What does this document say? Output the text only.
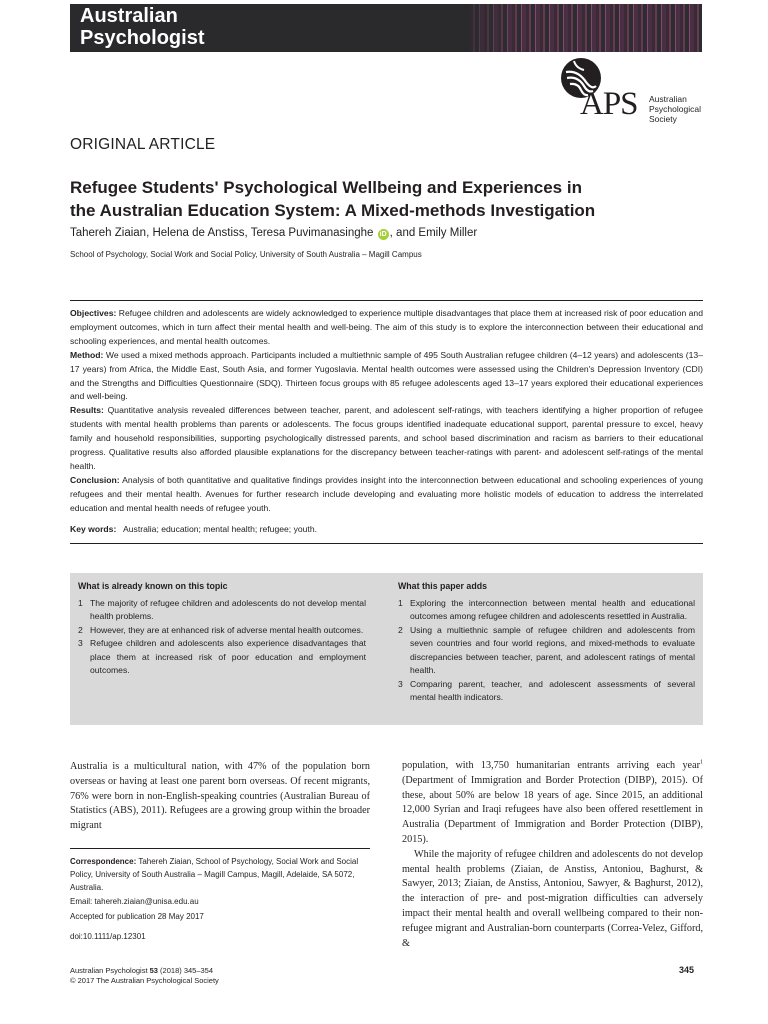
Australian
Psychologist
APS Australian
Psychological
Society
ORIGINAL ARTICLE
Refugee Students' Psychological Wellbeing and Experiences in
the Australian Education System: A Mixed-methods Investigation
Tahereh Ziaian, Helena de Anstiss, Teresa Puvimanasinghe iD , and Emily Miller
School of Psychology, Social Work and Social Policy, University of South Australia – Magill Campus

Objectives: Refugee children and adolescents are widely acknowledged to experience multiple disadvantages that place them at increased risk of poor education and employment outcomes, which in turn affect their mental health and well-being. The aim of this study is to explore the interconnection between their educational and schooling experiences, and mental health outcomes.

Method: We used a mixed methods approach. Participants included a multiethnic sample of 495 South Australian refugee children (4–12 years) and adolescents (13–17 years) from Africa, the Middle East, South Asia, and former Yugoslavia. Mental health outcomes were assessed using the Children's Depression Inventory (CDI) and the Strengths and Difficulties Questionnaire (SDQ). Thirteen focus groups with 85 refugee adolescents aged 13–17 years explored their educational experiences and well-being.

Results: Quantitative analysis revealed differences between teacher, parent, and adolescent self-ratings, with teachers identifying a higher proportion of refugee students with mental health problems than parents or adolescents. The focus groups identified inadequate educational support, parental pressure to excel, heavy family and household responsibilities, supporting psychologically distressed parents, and school based discrimination and racism as barriers to their educational progress. Qualitative results also afforded plausible explanations for the discrepancy between teacher-ratings with parent- and adolescent self-ratings of the mental health.

Conclusion: Analysis of both quantitative and qualitative findings provides insight into the interconnection between educational and schooling experiences of young refugees and their mental health. Avenues for further research include developing and evaluating more holistic models of education to address the interrelated education and mental health needs of refugee youth.

Key words: Australia; education; mental health; refugee; youth.
What is already known on this topic
1 The majority of refugee children and adolescents do not develop mental health problems.
2 However, they are at enhanced risk of adverse mental health outcomes.
3 Refugee children and adolescents also experience disadvantages that place them at increased risk of poor education and employment outcomes.
What this paper adds
1 Exploring the interconnection between mental health and educational outcomes among refugee children and adolescents resettled in Australia.
2 Using a multiethnic sample of refugee children and adolescents from seven countries and four world regions, and mixed-methods to evaluate discrepancies between teacher, parent, and adolescent ratings of mental health.
3 Comparing parent, teacher, and adolescent assessments of several mental health indicators.

Australia is a multicultural nation, with 47% of the population born overseas or having at least one parent born overseas. Of recent migrants, 76% were born in non-English-speaking countries (Australian Bureau of Statistics (ABS), 2011). Refugees are a growing group within the broader migrant

population, with 13,750 humanitarian entrants arriving each year$^1$ (Department of Immigration and Border Protection (DIBP), 2015). Of these, about 50% are below 18 years of age. Since 2015, an additional 12,000 Syrian and Iraqi refugees have also been offered resettlement in Australia (Department of Immigration and Border Protection (DIBP), 2015).

While the majority of refugee children and adolescents do not develop mental health problems (Ziaian, de Anstiss, Antoniou, Baghurst, & Sawyer, 2013; Ziaian, de Anstiss, Antoniou, Sawyer, & Baghurst, 2012), the interaction of pre- and post-migration difficulties can adversely impact their mental health and overall wellbeing compared to their non-refugee migrant and Australian-born counterparts (Correa-Velez, Gifford, &

Correspondence: Tahereh Ziaian, School of Psychology, Social Work and Social Policy, University of South Australia – Magill Campus, Magill, Adelaide, SA 5072, Australia.
Email: tahereh.ziaian@unisa.edu.au
Accepted for publication 28 May 2017
doi:10.1111/ap.12301
Australian Psychologist 53 (2018) 345–354
© 2017 The Australian Psychological Society
345
